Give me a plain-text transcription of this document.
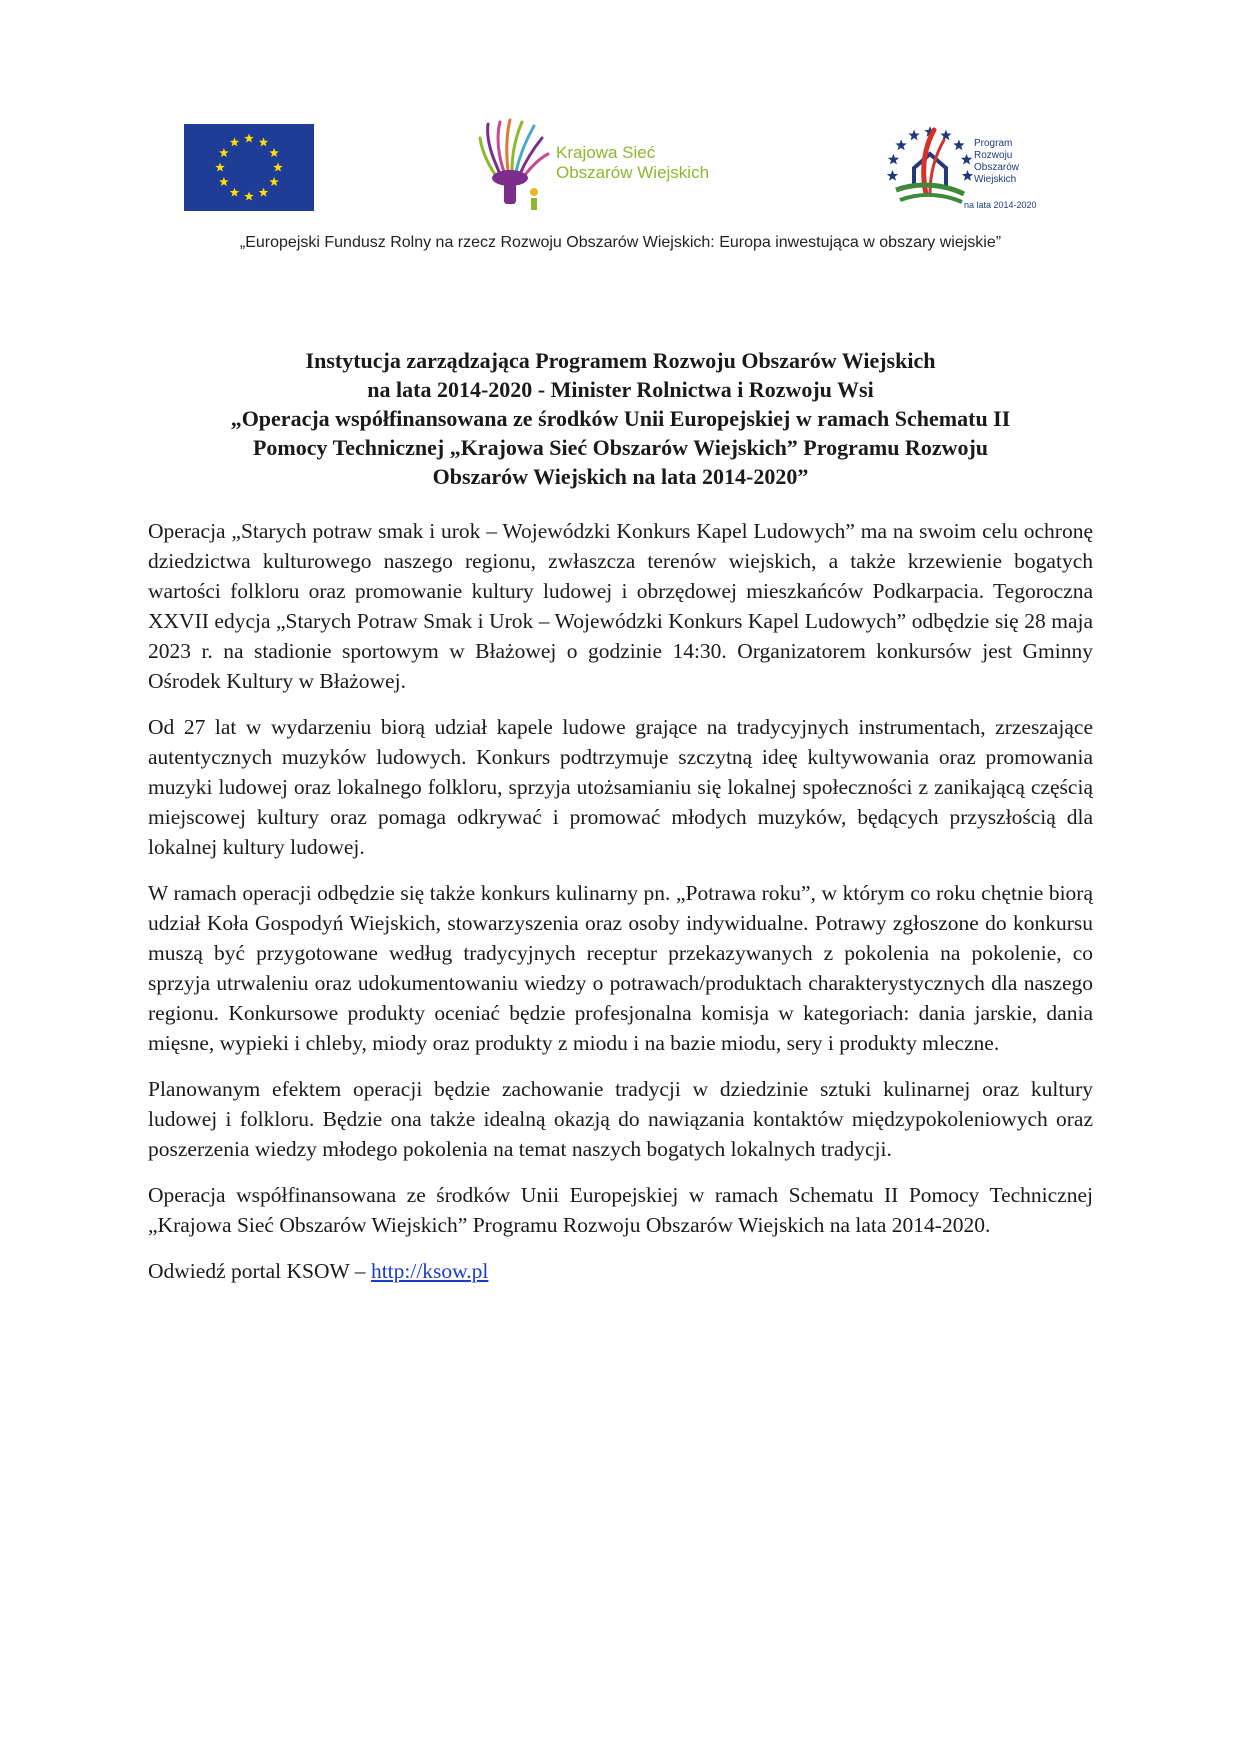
Krajowa Sieć
Obszarów Wiejskich
Program
Rozwoju
Obszarów
Wiejskich
na lata 2014-2020
„Europejski Fundusz Rolny na rzecz Rozwoju Obszarów Wiejskich: Europa inwestująca w obszary wiejskie”
Instytucja zarządzająca Programem Rozwoju Obszarów Wiejskich
na lata 2014-2020 - Minister Rolnictwa i Rozwoju Wsi
„Operacja współfinansowana ze środków Unii Europejskiej w ramach Schematu II
Pomocy Technicznej „Krajowa Sieć Obszarów Wiejskich” Programu Rozwoju
Obszarów Wiejskich na lata 2014-2020”

Operacja „Starych potraw smak i urok – Wojewódzki Konkurs Kapel Ludowych” ma na swoim celu ochronę dziedzictwa kulturowego naszego regionu, zwłaszcza terenów wiejskich, a także krzewienie bogatych wartości folkloru oraz promowanie kultury ludowej i obrzędowej mieszkańców Podkarpacia. Tegoroczna XXVII edycja „Starych Potraw Smak i Urok – Wojewódzki Konkurs Kapel Ludowych” odbędzie się 28 maja 2023 r. na stadionie sportowym w Błażowej o godzinie 14:30. Organizatorem konkursów jest Gminny Ośrodek Kultury w Błażowej.

Od 27 lat w wydarzeniu biorą udział kapele ludowe grające na tradycyjnych instrumentach, zrzeszające autentycznych muzyków ludowych. Konkurs podtrzymuje szczytną ideę kultywowania oraz promowania muzyki ludowej oraz lokalnego folkloru, sprzyja utożsamianiu się lokalnej społeczności z zanikającą częścią miejscowej kultury oraz pomaga odkrywać i promować młodych muzyków, będących przyszłością dla lokalnej kultury ludowej.

W ramach operacji odbędzie się także konkurs kulinarny pn. „Potrawa roku”, w którym co roku chętnie biorą udział Koła Gospodyń Wiejskich, stowarzyszenia oraz osoby indywidualne. Potrawy zgłoszone do konkursu muszą być przygotowane według tradycyjnych receptur przekazywanych z pokolenia na pokolenie, co sprzyja utrwaleniu oraz udokumentowaniu wiedzy o potrawach/produktach charakterystycznych dla naszego regionu. Konkursowe produkty oceniać będzie profesjonalna komisja w kategoriach: dania jarskie, dania mięsne, wypieki i chleby, miody oraz produkty z miodu i na bazie miodu, sery i produkty mleczne.

Planowanym efektem operacji będzie zachowanie tradycji w dziedzinie sztuki kulinarnej oraz kultury ludowej i folkloru. Będzie ona także idealną okazją do nawiązania kontaktów międzypokoleniowych oraz poszerzenia wiedzy młodego pokolenia na temat naszych bogatych lokalnych tradycji.

Operacja współfinansowana ze środków Unii Europejskiej w ramach Schematu II Pomocy Technicznej „Krajowa Sieć Obszarów Wiejskich” Programu Rozwoju Obszarów Wiejskich na lata 2014-2020.

Odwiedź portal KSOW – http://ksow.pl
